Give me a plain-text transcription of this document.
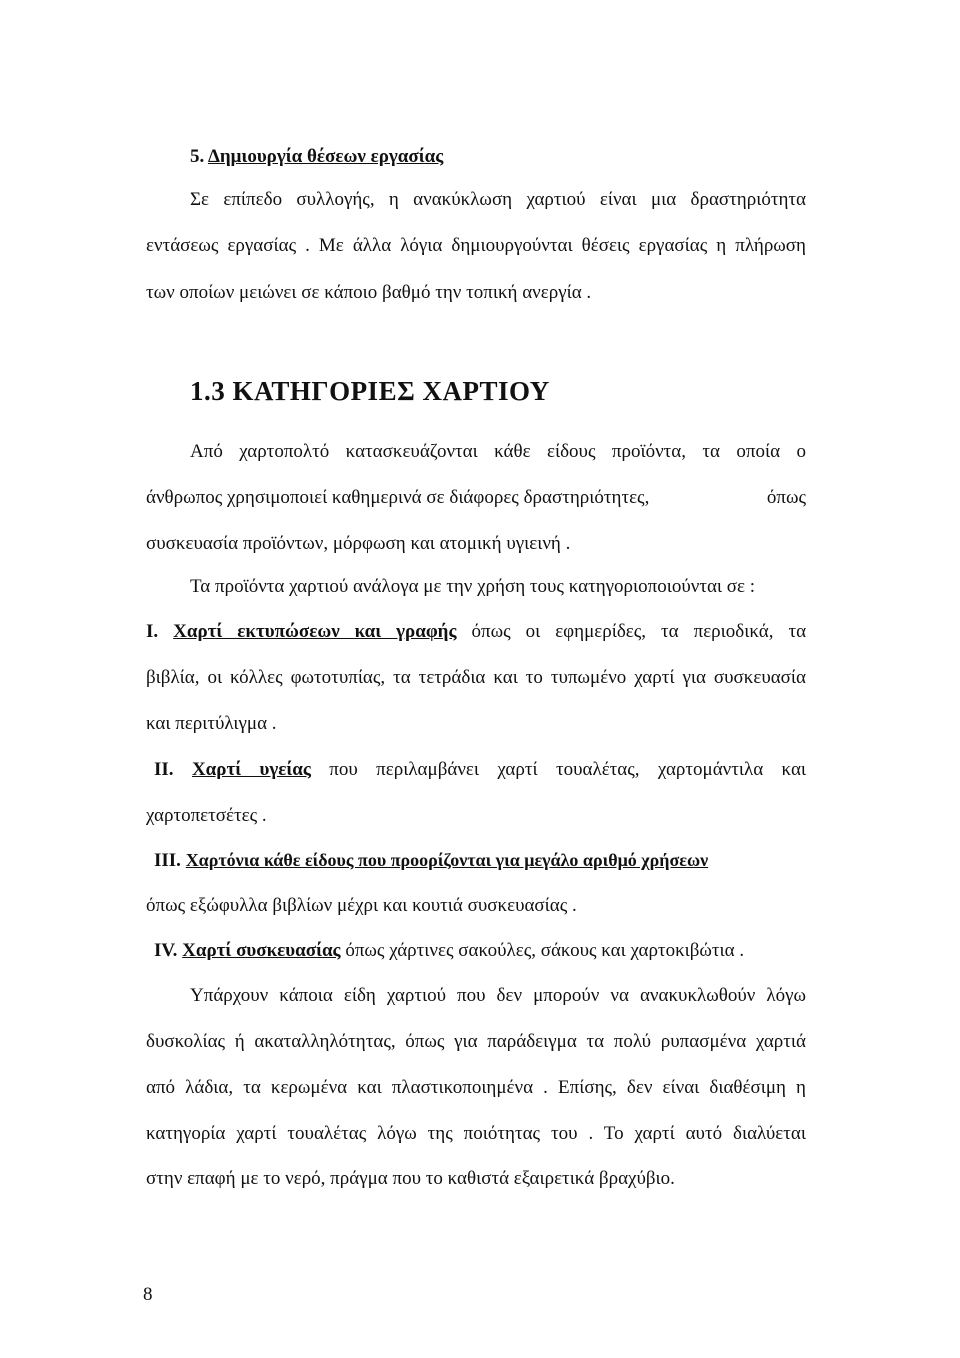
5. Δημιουργία θέσεων εργασίας
Σε επίπεδο συλλογής, η ανακύκλωση χαρτιού είναι μια δραστηριότητα
εντάσεως εργασίας . Με άλλα λόγια δημιουργούνται θέσεις εργασίας η πλήρωση
των οποίων μειώνει σε κάποιο βαθμό την τοπική ανεργία .
1.3 ΚΑΤΗΓΟΡΙΕΣ ΧΑΡΤΙΟΥ
Από χαρτοπολτό κατασκευάζονται κάθε είδους προϊόντα, τα οποία ο
άνθρωπος χρησιμοποιεί καθημερινά σε διάφορες δραστηριότητες,	όπως
συσκευασία προϊόντων, μόρφωση και ατομική υγιεινή .
Τα προϊόντα χαρτιού ανάλογα με την χρήση τους κατηγοριοποιούνται σε :
I. Χαρτί εκτυπώσεων και γραφής όπως οι εφημερίδες, τα περιοδικά, τα
βιβλία, οι κόλλες φωτοτυπίας, τα τετράδια και το τυπωμένο χαρτί για συσκευασία
και περιτύλιγμα .
II. Χαρτί υγείας που περιλαμβάνει χαρτί τουαλέτας, χαρτομάντιλα και
χαρτοπετσέτες .
III. Χαρτόνια κάθε είδους που προορίζονται για μεγάλο αριθμό χρήσεων
όπως εξώφυλλα βιβλίων μέχρι και κουτιά συσκευασίας .
IV. Χαρτί συσκευασίας όπως χάρτινες σακούλες, σάκους και χαρτοκιβώτια .
Υπάρχουν κάποια είδη χαρτιού που δεν μπορούν να ανακυκλωθούν λόγω
δυσκολίας ή ακαταλληλότητας, όπως για παράδειγμα τα πολύ ρυπασμένα χαρτιά
από λάδια, τα κερωμένα και πλαστικοποιημένα . Επίσης, δεν είναι διαθέσιμη η
κατηγορία χαρτί τουαλέτας λόγω της ποιότητας του . Το χαρτί αυτό διαλύεται
στην επαφή με το νερό, πράγμα που το καθιστά εξαιρετικά βραχύβιο.
8
